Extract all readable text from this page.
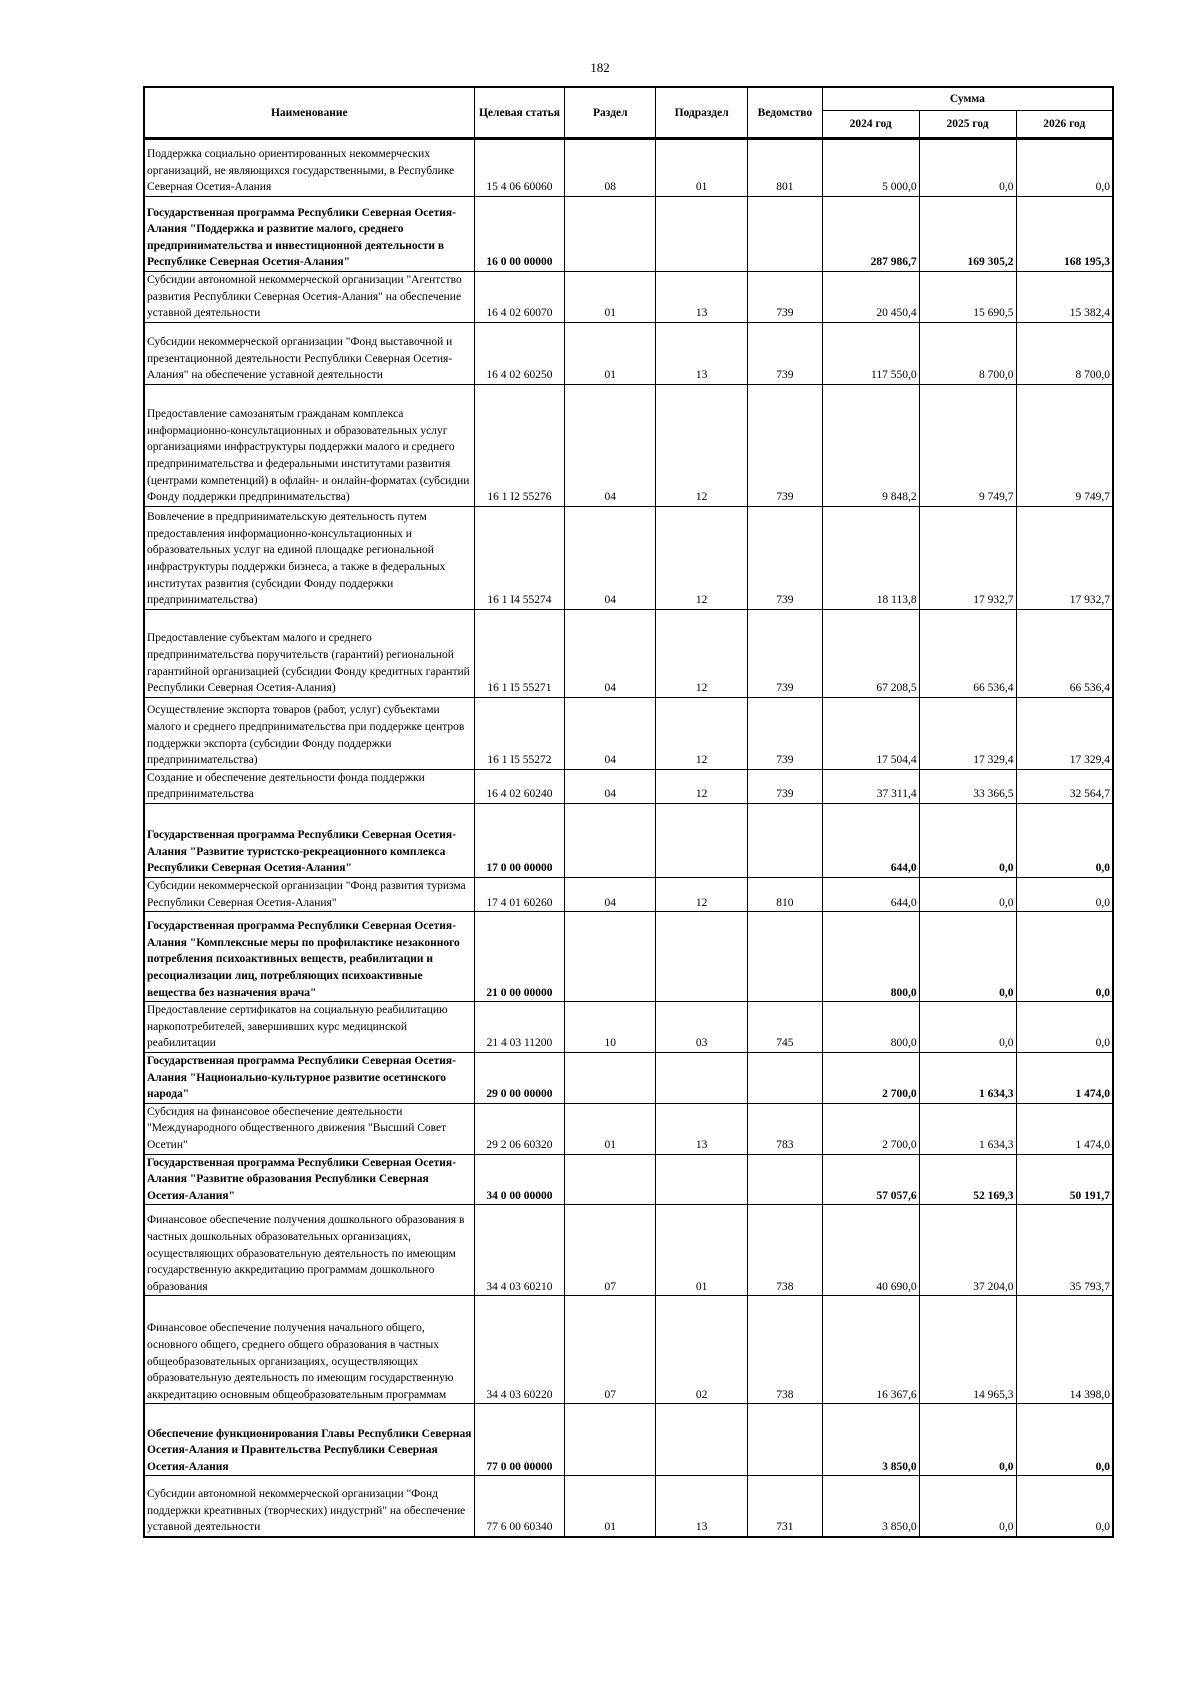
182
Наименование	Целевая статья	Раздел	Подраздел	Ведомство	Сумма		
					2024 год	2025 год	2026 год
Поддержка социально ориентированных некоммерческих организаций, не являющихся государственными, в Республике Северная Осетия-Алания	15 4 06 60060	08	01	801	5 000,0	0,0	0,0
Государственная программа Республики Северная Осетия-Алания "Поддержка и развитие малого, среднего предпринимательства и инвестиционной деятельности в Республике Северная Осетия-Алания"	16 0 00 00000				287 986,7	169 305,2	168 195,3
Субсидии автономной некоммерческой организации "Агентство развития Республики Северная Осетия-Алания" на обеспечение уставной деятельности	16 4 02 60070	01	13	739	20 450,4	15 690,5	15 382,4
Субсидии некоммерческой организации "Фонд выставочной и презентационной деятельности Республики Северная Осетия-Алания" на обеспечение уставной деятельности	16 4 02 60250	01	13	739	117 550,0	8 700,0	8 700,0
Предоставление самозанятым гражданам комплекса информационно-консультационных и образовательных услуг организациями инфраструктуры поддержки малого и среднего предпринимательства и федеральными институтами развития (центрами компетенций) в офлайн- и онлайн-форматах (субсидии Фонду поддержки предпринимательства)	16 1 I2 55276	04	12	739	9 848,2	9 749,7	9 749,7
Вовлечение в предпринимательскую деятельность путем предоставления информационно-консультационных и образовательных услуг на единой площадке региональной инфраструктуры поддержки бизнеса, а также в федеральных институтах развития (субсидии Фонду поддержки предпринимательства)	16 1 I4 55274	04	12	739	18 113,8	17 932,7	17 932,7
Предоставление субъектам малого и среднего предпринимательства поручительств (гарантий) региональной гарантийной организацией (субсидии Фонду кредитных гарантий Республики Северная Осетия-Алания)	16 1 I5 55271	04	12	739	67 208,5	66 536,4	66 536,4
Осуществление экспорта товаров (работ, услуг) субъектами малого и среднего предпринимательства при поддержке центров поддержки экспорта (субсидии Фонду поддержки предпринимательства)	16 1 I5 55272	04	12	739	17 504,4	17 329,4	17 329,4
Создание и обеспечение деятельности фонда поддержки предпринимательства	16 4 02 60240	04	12	739	37 311,4	33 366,5	32 564,7
Государственная программа Республики Северная Осетия-Алания "Развитие туристско-рекреационного комплекса Республики Северная Осетия-Алания"	17 0 00 00000				644,0	0,0	0,0
Субсидии некоммерческой организации "Фонд развития туризма Республики Северная Осетия-Алания"	17 4 01 60260	04	12	810	644,0	0,0	0,0
Государственная программа Республики Северная Осетия-Алания "Комплексные меры по профилактике незаконного потребления психоактивных веществ, реабилитации и ресоциализации лиц, потребляющих психоактивные вещества без назначения врача"	21 0 00 00000				800,0	0,0	0,0
Предоставление сертификатов на социальную реабилитацию наркопотребителей, завершивших курс медицинской реабилитации	21 4 03 11200	10	03	745	800,0	0,0	0,0
Государственная программа Республики Северная Осетия-Алания "Национально-культурное развитие осетинского народа"	29 0 00 00000				2 700,0	1 634,3	1 474,0
Субсидия на финансовое обеспечение деятельности "Международного общественного движения "Высший Совет Осетин"	29 2 06 60320	01	13	783	2 700,0	1 634,3	1 474,0
Государственная программа Республики Северная Осетия-Алания "Развитие образования Республики Северная Осетия-Алания"	34 0 00 00000				57 057,6	52 169,3	50 191,7
Финансовое обеспечение получения дошкольного образования в частных дошкольных образовательных организациях, осуществляющих образовательную деятельность по имеющим государственную аккредитацию программам дошкольного образования	34 4 03 60210	07	01	738	40 690,0	37 204,0	35 793,7
Финансовое обеспечение получения начального общего, основного общего, среднего общего образования в частных общеобразовательных организациях, осуществляющих образовательную деятельность по имеющим государственную аккредитацию основным общеобразовательным программам	34 4 03 60220	07	02	738	16 367,6	14 965,3	14 398,0
Обеспечение функционирования Главы Республики Северная Осетия-Алания и Правительства Республики Северная Осетия-Алания	77 0 00 00000				3 850,0	0,0	0,0
Субсидии автономной некоммерческой организации "Фонд поддержки креативных (творческих) индустрий" на обеспечение уставной деятельности	77 6 00 60340	01	13	731	3 850,0	0,0	0,0
